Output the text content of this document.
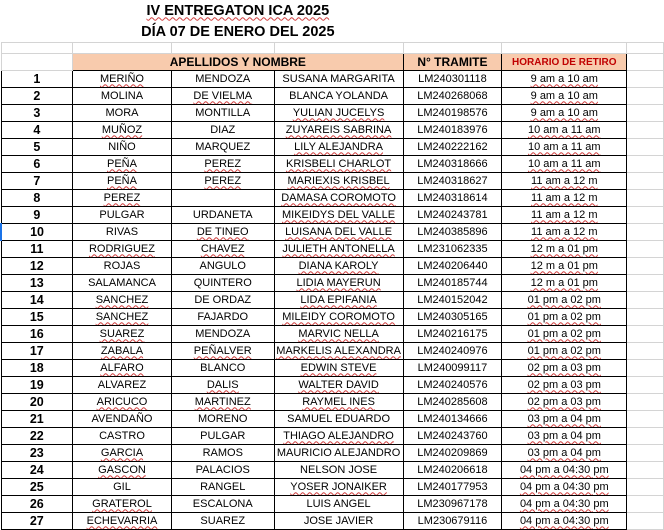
	IV ENTREGATON ICA 2025					
	DÍA 07 DE ENERO DEL 2025					

	APELLIDOS Y NOMBRE			N° TRAMITE	HORARIO DE RETIRO	
1	MERIÑO	MENDOZA	SUSANA MARGARITA	LM240301118	9 am a 10 am	
2	MOLINA	DE VIELMA	BLANCA YOLANDA	LM240268068	9 am a 10 am	
3	MORA	MONTILLA	YULIAN JUCELYS	LM240198576	9 am a 10 am	
4	MUÑOZ	DIAZ	ZUYAREIS SABRINA	LM240183976	10 am a 11 am	
5	NIÑO	MARQUEZ	LILY ALEJANDRA	LM240222162	10 am a 11 am	
6	PEÑA	PEREZ	KRISBELI CHARLOT	LM240318666	10 am a 11 am	
7	PEÑA	PEREZ	MARIEXIS KRISBEL	LM240318627	11 am a 12 m	
8	PEREZ		DAMASA COROMOTO	LM240318614	11 am a 12 m	
9	PULGAR	URDANETA	MIKEIDYS DEL VALLE	LM240243781	11 am a 12 m	
10	RIVAS	DE TINEO	LUISANA DEL VALLE	LM240385896	11 am a 12 m	
11	RODRIGUEZ	CHAVEZ	JULIETH ANTONELLA	LM231062335	12 m a 01 pm	
12	ROJAS	ANGULO	DIANA KAROLY	LM240206440	12 m a 01 pm	
13	SALAMANCA	QUINTERO	LIDIA MAYERUN	LM240185744	12 m a 01 pm	
14	SANCHEZ	DE ORDAZ	LIDA EPIFANIA	LM240152042	01 pm a 02 pm	
15	SANCHEZ	FAJARDO	MILEIDY COROMOTO	LM240305165	01 pm a 02 pm	
16	SUAREZ	MENDOZA	MARVIC NELLA	LM240216175	01 pm a 02 pm	
17	ZABALA	PEÑALVER	MARKELIS ALEXANDRA	LM240240976	01 pm a 02 pm	
18	ALFARO	BLANCO	EDWIN STEVE	LM240099117	02 pm a 03 pm	
19	ALVAREZ	DALIS	WALTER DAVID	LM240240576	02 pm a 03 pm	
20	ARICUCO	MARTINEZ	RAYMEL INES	LM240285608	02 pm a 03 pm	
21	AVENDAÑO	MORENO	SAMUEL EDUARDO	LM240134666	03 pm a 04 pm	
22	CASTRO	PULGAR	THIAGO ALEJANDRO	LM240243760	03 pm a 04 pm	
23	GARCIA	RAMOS	MAURICIO ALEJANDRO	LM240209869	03 pm a 04 pm	
24	GASCON	PALACIOS	NELSON JOSE	LM240206618	04 pm a 04:30 pm	
25	GIL	RANGEL	YOSER JONAIKER	LM240177953	04 pm a 04:30 pm	
26	GRATEROL	ESCALONA	LUIS ANGEL	LM230967178	04 pm a 04:30 pm	
27	ECHEVARRIA	SUAREZ	JOSE JAVIER	LM230679116	04 pm a 04:30 pm	
